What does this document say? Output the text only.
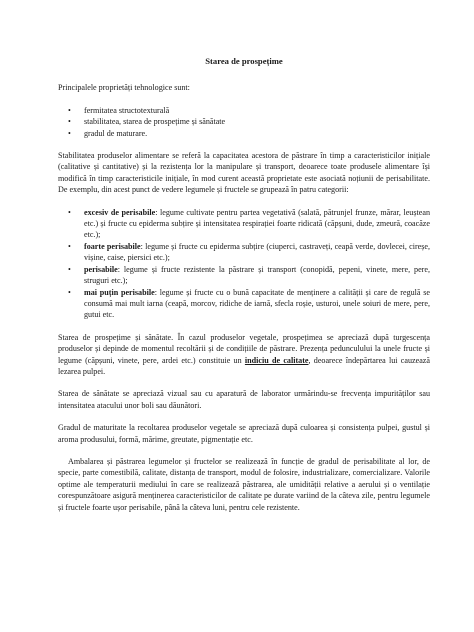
Starea de prospețime

Principalele proprietăți tehnologice sunt:

• fermitatea structotexturală
• stabilitatea, starea de prospețime și sănătate
• gradul de maturare.

Stabilitatea produselor alimentare se referă la capacitatea acestora de păstrare în timp a caracteristicilor inițiale (calitative și cantitative) și la rezistența lor la manipulare și transport, deoarece toate produsele alimentare își modifică în timp caracteristicile inițiale, în mod curent această proprietate este asociată noțiunii de perisabilitate. De exemplu, din acest punct de vedere legumele și fructele se grupează în patru categorii:

• excesiv de perisabile: legume cultivate pentru partea vegetativă (salată, pătrunjel frunze, mărar, leuștean etc.) și fructe cu epiderma subțire și intensitatea respirației foarte ridicată (căpșuni, dude, zmeură, coacăze etc.);
• foarte perisabile: legume și fructe cu epiderma subțire (ciuperci, castraveți, ceapă verde, dovlecei, cireșe, vișine, caise, piersici etc.);
• perisabile: legume și fructe rezistente la păstrare și transport (conopidă, pepeni, vinete, mere, pere, struguri etc.);
• mai puțin perisabile: legume și fructe cu o bună capacitate de menținere a calității și care de regulă se consumă mai mult iarna (ceapă, morcov, ridiche de iarnă, sfecla roșie, usturoi, unele soiuri de mere, pere, gutui etc.

Starea de prospețime și sănătate. În cazul produselor vegetale, prospețimea se apreciază după turgescența produselor și depinde de momentul recoltării și de condițiile de păstrare. Prezența pedunculului la unele fructe și legume (căpșuni, vinete, pere, ardei etc.) constituie un indiciu de calitate, deoarece îndepărtarea lui cauzează lezarea pulpei.

Starea de sănătate se apreciază vizual sau cu aparatură de laborator urmărindu-se frecvența impurităților sau intensitatea atacului unor boli sau dăunători.

Gradul de maturitate la recoltarea produselor vegetale se apreciază după culoarea și consistența pulpei, gustul și aroma produsului, formă, mărime, greutate, pigmentație etc.

Ambalarea și păstrarea legumelor și fructelor se realizează în funcție de gradul de perisabilitate al lor, de specie, parte comestibilă, calitate, distanța de transport, modul de folosire, industrializare, comercializare. Valorile optime ale temperaturii mediului în care se realizează păstrarea, ale umidității relative a aerului și o ventilație corespunzătoare asigură menținerea caracteristicilor de calitate pe durate variind de la câteva zile, pentru legumele și fructele foarte ușor perisabile, până la câteva luni, pentru cele rezistente.
